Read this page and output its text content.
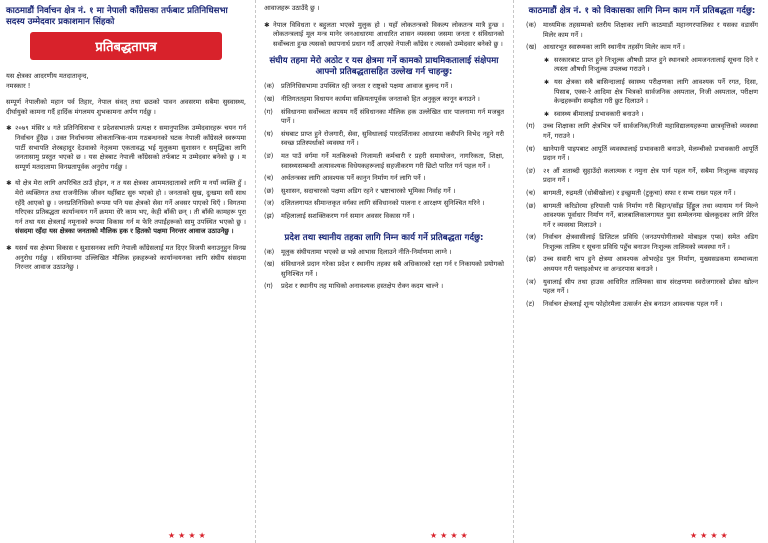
काठमाडौं निर्वाचन क्षेत्र नं. १ मा नेपाली काँग्रेसका तर्फबाट प्रतिनिधिसभा सदस्य उम्मेदवार प्रकाशमान सिंहको
प्रतिबद्धतापत्र

यस क्षेत्रका आदरणीय मतदातावृन्द,

नमस्कार !

सम्पूर्ण नेपालीको महान पर्व तिहार, नेपाल संवत् तथा छठको पावन अवसरमा सबैमा सुस्वास्थ्य, दीर्घायुको कामना गर्दै हार्दिक मंगलमय शुभकामना अर्पण गर्दछु ।

✱ २०७९ मंसिर ४ गते प्रतिनिधिसभा र प्रदेशसभातर्फ प्रत्यक्ष र समानुपातिक उम्मेदवारहरू चयन गर्न निर्वाचन हुँदैछ । उक्त निर्वाचनमा लोकतान्त्रिक-वाम गठबन्धनको घटक नेपाली काँग्रेसले स्वरूपमा पार्टी सभापति शेरबहादुर देउवाको नेतृत्वमा एकतावद्ध भई मुलुकमा सुशासन र समृद्धिका लागि जनतासामु प्रस्तुत भएको छ । यस क्षेत्रबाट नेपाली काँग्रेसको तर्फबाट म उम्मेदवार बनेको छु । म सम्पूर्ण मतदातामा विनम्रतापूर्वक अनुरोध गर्दछु ।

✱ यो क्षेत्र मेरा लागि अपरिचित ठाउँ होइन, न त यस क्षेत्रका आममतदाताको लागि म नयाँ व्यक्ति हुँ । मेरो व्यक्तिगत तथा राजनीतिक जीवन यहीँबाट सुरु भएको हो । जनताको सुख, दुःखमा सधैं साथ रहँदै आएको छु । जनप्रतिनिधिको रूपमा पनि यस क्षेत्रको सेवा गर्ने अवसर पाएको थिएँ । विगतमा गरिएका प्रतिबद्धता कार्यान्वयन गर्ने क्रममा धेरै काम भए, केही बाँकी छन् । ती बाँकी कामहरू पूरा गर्न तथा यस क्षेत्रलाई नमूनाको रूपमा विकास गर्न म फेरि तपाईंहरूको सामु उपस्थित भएको छु । संसदमा रहँदा यस क्षेत्रका जनताको मौलिक हक र हितको पक्षमा निरन्तर आवाज उठाउनेछु ।

✱ यसर्थ यस क्षेत्रमा विकास र सुशासनका लागि नेपाली काँग्रेसलाई मत दिएर विजयी बनाउनुहुन विनम्र अनुरोध गर्दछु । संविधानमा उल्लिखित मौलिक हकहरूको कार्यान्वयनका लागि संघीय संसदमा निरन्तर आवाज उठाउनेछु ।

आवाजहरू उठाउँदै छु ।

✱ नेपाल विविधता र बहुलता भएको मुलुक हो । यहाँ लोकतन्त्रको विकल्प लोकतन्त्र मात्रै हुन्छ । लोकतन्त्रलाई मूल मन्त्र मानेर जनआधारमा आधारित शासन व्यवस्था जसमा जनता र संविधानको सर्वोच्चता हुन्छ त्यसको स्थापनार्थ प्रधान गर्दै आएको नेपाली काँग्रेस र त्यसको उम्मेदवार बनेको छु ।

संघीय तहमा मेरो अठोट र यस क्षेत्रमा गर्ने कामको प्राथमिकतालाई संक्षेपमा आफ्नो प्रतिबद्धतासहित उल्लेख गर्न चाहन्छु:
(क)	प्रतिनिधिसभामा उपस्थित रही जनता र राष्ट्रको पक्षमा आवाज बुलन्द गर्ने ।
(ख) नीतिगततहमा विधायन कार्यमा सक्रियतापूर्वक जनताको हित अनुकूल कानून बनाउने ।
(ग)	संविधानमा सर्वोच्चता कायम गर्दै संविधानका मौलिक हक उल्लेखित धार पालनामा गर्न मजबुत पार्ने ।
(घ)	संघबाट प्राप्त हुने रोजगारी, सेवा, सुविधालाई पारदर्शिताका आधारमा कसैपनि विभेद नहुने गरी स्वच्छ प्रतिस्पर्धाको व्यवस्था गर्ने ।
(ङ)	मत पाउँ वर्गमा गर्ने मतकिरुको निजामती कर्मचारी र प्रहरी समायोजन, नागरिकता, शिक्षा, स्वास्थ्यसम्बन्धी अत्यावश्यक विधेयकहरूलाई सहजीकरण गरी छिटो पारित गर्न पहल गर्ने ।
(च)	अर्थतन्त्रका लागि आवश्यक पर्ने कानुन निर्माण गर्न लागि पर्ने ।
(छ)	सुशासन, सदाचारको पक्षमा अडिग रहने र भ्रष्टाचारको भूमिका निर्वाह गर्ने ।
(ज)	दलितलगायत सीमान्तकृत वर्गका लागि संविधानको पालना र आरक्षण सुनिश्चित गरिने ।
(झ)	महिलालाई सशक्तिकरण गर्न समान अवसर विकास गर्ने ।
प्रदेश तथा स्थानीय तहका लागि निम्न कार्य गर्ने प्रतिबद्धता गर्दछु:
(क)	मूलुक संघीयतामा भएको छ भन्ने आभास दिलाउने नीति-निर्माणमा लाग्ने ।
(ख) संविधानले प्रदान गरेका प्रदेश र स्थानीय तहका सबै अधिकारको रक्षा गर्न र निकायको प्रयोगको सुनिश्चित गर्ने ।
(ग)	प्रदेश र स्थानीय तह माथिको अनावश्यक हस्तक्षेप रोक्न कदम चाल्ने ।
काठमाडौं क्षेत्र नं. १ को विकासका लागि निम्न काम गर्ने प्रतिबद्धता गर्दछु:
(क)	माध्यमिक तहसम्मको स्तरीय शिक्षाका लागि काठमाडौं महानगरपालिका र यसका वडासँग मिलेर काम गर्ने ।
(ख) आधारभूत स्वास्थ्यका लागि स्थानीय तहसँग मिलेर काम गर्ने ।
✱ सरकारबाट प्राप्त हुने निःशुल्क औषधी प्राप्त हुने स्थानबारे आमजनतालाई सूचना दिने र त्यस्ता औषधी निःशुल्क उपलब्ध गराउने ।
✱ यस क्षेत्रका सबै बासिन्दालाई स्वास्थ्य परीक्षणका लागि आवश्यक पर्ने रगत, दिसा, पिसाब, एक्स-रे आदिमा क्षेत्र भित्रको सार्वजनिक अस्पताल, निजी अस्पताल, परीक्षण केन्द्रहरूसँग सम्झौता गरी छुट दिलाउने ।
✱ स्वास्थ्य बीमालाई प्रभावकारी बनाउने ।
(ग)	उच्च शिक्षाका लागि क्षेत्रभित्र पर्ने सार्वजनिक/निजी महाविद्यालयहरूमा छात्रवृत्तिको व्यवस्था गर्ने, गराउने ।
(घ)	खानेपानी पाइपबाट आपूर्ति व्यवस्थालाई प्रभावकारी बनाउने, मेलम्चीको प्रभावकारी आपूर्ति प्रदान गर्ने ।
(ङ)	२१ औं शताब्दी सुहाउँदो कलात्मक र नमुना क्षेत्र पार्न पहल गर्ने, सबैमा निःशुल्क वाइफाइ प्रदान गर्ने ।
(च)	बागमती, रुद्रमती (धोबीखोला) र इच्छुमती (टुकुचा) सफा र सभ्य राख्न पहल गर्ने ।
(छ)	बागमती करिडोरमा हरियाली पार्क निर्माण गरी बिहान/साँझ हिँड्डुल तथा व्यायाम गर्न मिल्ने आवश्यक पूर्वाधार निर्माण गर्ने, बालबालिकालगायत युवा सम्मेलनमा खेलकूदका लागि प्रेरित गर्ने र व्यवस्था मिलाउने ।
(ज)	निर्वाचन क्षेत्रवासीलाई डिजिटल प्रविधि (जनउपयोगीताको मोबाइल एप्स) समेत अडिग निःशुल्क तालिम र सूचना प्रविधि पहुँच बनाउन निःशुल्क तालिमको व्यवस्था गर्ने ।
(झ)	उच्च सवारी चाप हुने क्षेत्रमा आवश्यक ओभरहेड पुल निर्माण, मुख्यसडकमा सम्भाव्यता अध्ययन गरी फ्लाइओभर वा अन्डरपास बनाउने ।
(ञ)	युवालाई सीप तथा हाउस आधिरित तालिमका साथ संरक्षणमा स्वरोजगारको ढोका खोल्न पहल गर्ने ।
(ट)	निर्वाचन क्षेत्रलाई शून्य फोहोरमैला उत्सर्जन क्षेत्र बनाउन आवश्यक पहल गर्ने ।
★★★★	★★★★	★★★★
